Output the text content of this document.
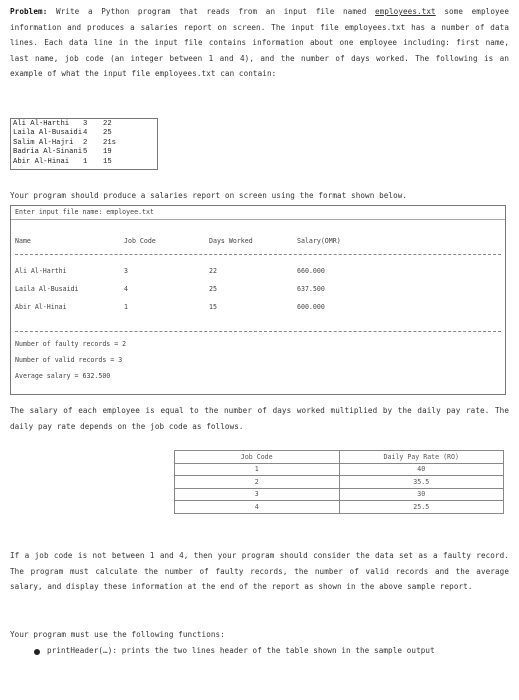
Problem: Write a Python program that reads from an input file named employees.txt some employee information and produces a salaries report on screen. The input file employees.txt has a number of data lines. Each data line in the input file contains information about one employee including: first name, last name, job code (an integer between 1 and 4), and the number of days worked. The following is an example of what the input file employees.txt can contain:
Ali Al-Harthi	3	22
Laila Al-Busaidi 4	25
Salim Al-Hajri	2	21s
Badria Al-Sinani 5	19
Abir Al-Hinai	1	15
Your program should produce a salaries report on screen using the format shown below.
Enter input file name: employee.txt
Name	Job Code	Days Worked	Salary(OMR)
Ali Al-Harthi	3	22	660.000
Laila Al-Busaidi	4	25	637.500
Abir Al-Hinai	1	15	600.000
Number of faulty records = 2
Number of valid records = 3
Average salary = 632.500
The salary of each employee is equal to the number of days worked multiplied by the daily pay rate. The daily pay rate depends on the job code as follows.
Job Code	Daily Pay Rate (RO)
1	40
2	35.5
3	30
4	25.5
If a job code is not between 1 and 4, then your program should consider the data set as a faulty record. The program must calculate the number of faulty records, the number of valid records and the average salary, and display these information at the end of the report as shown in the above sample report.
Your program must use the following functions:
printHeader(…): prints the two lines header of the table shown in the sample output
